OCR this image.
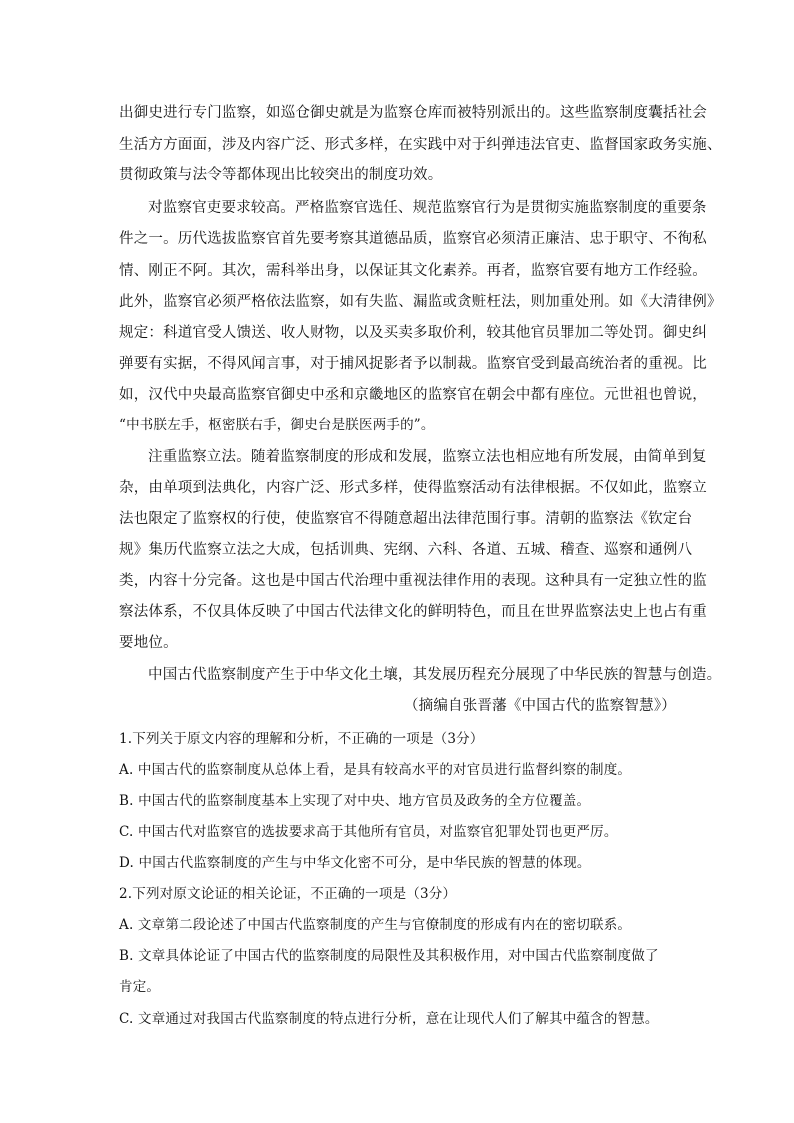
出御史进行专门监察，如巡仓御史就是为监察仓库而被特别派出的。这些监察制度囊括社会
生活方方面面，涉及内容广泛、形式多样，在实践中对于纠弹违法官吏、监督国家政务实施、
贯彻政策与法令等都体现出比较突出的制度功效。
对监察官吏要求较高。严格监察官选任、规范监察官行为是贯彻实施监察制度的重要条
件之一。历代选拔监察官首先要考察其道德品质，监察官必须清正廉洁、忠于职守、不徇私
情、刚正不阿。其次，需科举出身，以保证其文化素养。再者，监察官要有地方工作经验。
此外，监察官必须严格依法监察，如有失监、漏监或贪赃枉法，则加重处刑。如《大清律例》
规定：科道官受人馈送、收人财物，以及买卖多取价利，较其他官员罪加二等处罚。御史纠
弹要有实据，不得风闻言事，对于捕风捉影者予以制裁。监察官受到最高统治者的重视。比
如，汉代中央最高监察官御史中丞和京畿地区的监察官在朝会中都有座位。元世祖也曾说，
“中书朕左手，枢密朕右手，御史台是朕医两手的”。
注重监察立法。随着监察制度的形成和发展，监察立法也相应地有所发展，由简单到复
杂，由单项到法典化，内容广泛、形式多样，使得监察活动有法律根据。不仅如此，监察立
法也限定了监察权的行使，使监察官不得随意超出法律范围行事。清朝的监察法《钦定台
规》集历代监察立法之大成，包括训典、宪纲、六科、各道、五城、稽查、巡察和通例八
类，内容十分完备。这也是中国古代治理中重视法律作用的表现。这种具有一定独立性的监
察法体系，不仅具体反映了中国古代法律文化的鲜明特色，而且在世界监察法史上也占有重
要地位。
中国古代监察制度产生于中华文化土壤，其发展历程充分展现了中华民族的智慧与创造。
（摘编自张晋藩《中国古代的监察智慧》）
1.下列关于原文内容的理解和分析，不正确的一项是（3分）
A. 中国古代的监察制度从总体上看，是具有较高水平的对官员进行监督纠察的制度。
B. 中国古代的监察制度基本上实现了对中央、地方官员及政务的全方位覆盖。
C. 中国古代对监察官的选拔要求高于其他所有官员，对监察官犯罪处罚也更严厉。
D. 中国古代监察制度的产生与中华文化密不可分，是中华民族的智慧的体现。
2.下列对原文论证的相关论证，不正确的一项是（3分）
A. 文章第二段论述了中国古代监察制度的产生与官僚制度的形成有内在的密切联系。
B. 文章具体论证了中国古代的监察制度的局限性及其积极作用，对中国古代监察制度做了
肯定。
C. 文章通过对我国古代监察制度的特点进行分析，意在让现代人们了解其中蕴含的智慧。
